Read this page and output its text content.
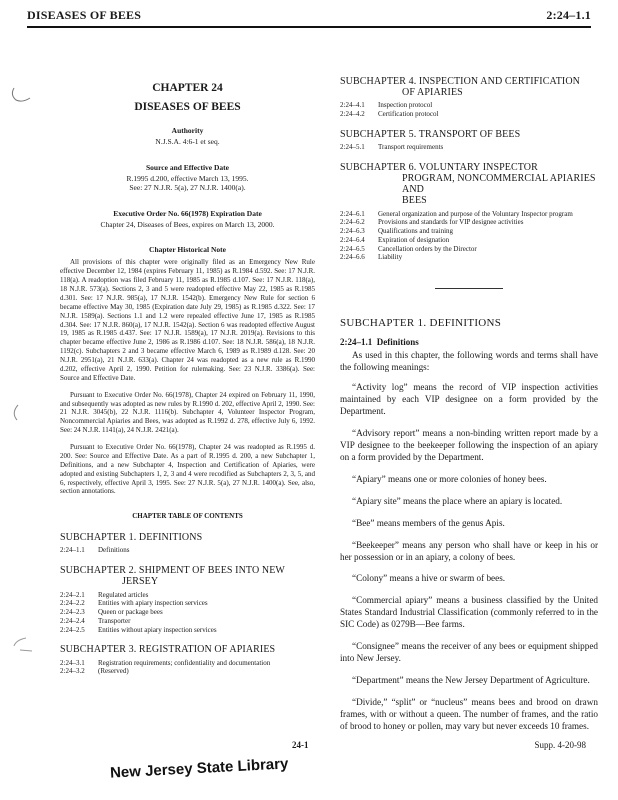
DISEASES OF BEES	2:24–1.1

CHAPTER 24

DISEASES OF BEES

Authority

N.J.S.A. 4:6-1 et seq.

Source and Effective Date

R.1995 d.200, effective March 13, 1995.

See: 27 N.J.R. 5(a), 27 N.J.R. 1400(a).

Executive Order No. 66(1978) Expiration Date

Chapter 24, Diseases of Bees, expires on March 13, 2000.

Chapter Historical Note

All provisions of this chapter were originally filed as an Emergency New Rule effective December 12, 1984 (expires February 11, 1985) as R.1984 d.592. See: 17 N.J.R. 118(a). A readoption was filed February 11, 1985 as R.1985 d.107. See: 17 N.J.R. 118(a), 18 N.J.R. 573(a). Sections 2, 3 and 5 were readopted effective May 22, 1985 as R.1985 d.301. See: 17 N.J.R. 985(a), 17 N.J.R. 1542(b). Emergency New Rule for section 6 became effective May 30, 1985 (Expiration date July 29, 1985) as R.1985 d.322. See: 17 N.J.R. 1589(a). Sections 1.1 and 1.2 were repealed effective June 17, 1985 as R.1985 d.304. See: 17 N.J.R. 860(a), 17 N.J.R. 1542(a). Section 6 was readopted effective August 19, 1985 as R.1985 d.437. See: 17 N.J.R. 1589(a), 17 N.J.R. 2019(a). Revisions to this chapter became effective June 2, 1986 as R.1986 d.107. See: 18 N.J.R. 586(a), 18 N.J.R. 1192(c). Subchapters 2 and 3 became effective March 6, 1989 as R.1989 d.128. See: 20 N.J.R. 2951(a), 21 N.J.R. 633(a). Chapter 24 was readopted as a new rule as R.1990 d.202, effective April 2, 1990. Petition for rulemaking. See: 23 N.J.R. 3386(a). See: Source and Effective Date.

Pursuant to Executive Order No. 66(1978), Chapter 24 expired on February 11, 1990, and subsequently was adopted as new rules by R.1990 d. 202, effective April 2, 1990. See: 21 N.J.R. 3045(b), 22 N.J.R. 1116(b). Subchapter 4, Volunteer Inspector Program, Noncommercial Apiaries and Bees, was adopted as R.1992 d. 278, effective July 6, 1992. See: 24 N.J.R. 1141(a), 24 N.J.R. 2421(a).

Pursuant to Executive Order No. 66(1978), Chapter 24 was readopted as R.1995 d. 200. See: Source and Effective Date. As a part of R.1995 d. 200, a new Subchapter 1, Definitions, and a new Subchapter 4, Inspection and Certification of Apiaries, were adopted and existing Subchapters 1, 2, 3 and 4 were recodified as Subchapters 2, 3, 5, and 6, respectively, effective April 3, 1995. See: 27 N.J.R. 5(a), 27 N.J.R. 1400(a). See, also, section annotations.

CHAPTER TABLE OF CONTENTS

SUBCHAPTER 1. DEFINITIONS

2:24–1.1	Definitions

SUBCHAPTER 2. SHIPMENT OF BEES INTO NEW
JERSEY

2:24–2.1	Regulated articles
2:24–2.2	Entities with apiary inspection services
2:24–2.3	Queen or package bees
2:24–2.4	Transporter
2:24–2.5	Entities without apiary inspection services

SUBCHAPTER 3. REGISTRATION OF APIARIES

2:24–3.1	Registration requirements; confidentiality and documentation
2:24–3.2	(Reserved)

SUBCHAPTER 4. INSPECTION AND CERTIFICATION
OF APIARIES

2:24–4.1	Inspection protocol
2:24–4.2	Certification protocol

SUBCHAPTER 5. TRANSPORT OF BEES

2:24–5.1	Transport requirements

SUBCHAPTER 6. VOLUNTARY INSPECTOR
PROGRAM, NONCOMMERCIAL APIARIES AND
BEES

2:24–6.1	General organization and purpose of the Voluntary Inspector program
2:24–6.2	Provisions and standards for VIP designee activities
2:24–6.3	Qualifications and training
2:24–6.4	Expiration of designation
2:24–6.5	Cancellation orders by the Director
2:24–6.6	Liability

SUBCHAPTER 1. DEFINITIONS

2:24–1.1 Definitions

As used in this chapter, the following words and terms shall have the following meanings:

“Activity log” means the record of VIP inspection activities maintained by each VIP designee on a form provided by the Department.

“Advisory report” means a non-binding written report made by a VIP designee to the beekeeper following the inspection of an apiary on a form provided by the Department.

“Apiary” means one or more colonies of honey bees.

“Apiary site” means the place where an apiary is located.

“Bee” means members of the genus Apis.

“Beekeeper” means any person who shall have or keep in his or her possession or in an apiary, a colony of bees.

“Colony” means a hive or swarm of bees.

“Commercial apiary” means a business classified by the United States Standard Industrial Classification (commonly referred to in the SIC Code) as 0279B—Bee farms.

“Consignee” means the receiver of any bees or equipment shipped into New Jersey.

“Department” means the New Jersey Department of Agriculture.

“Divide,” “split” or “nucleus” means bees and brood on drawn frames, with or without a queen. The number of frames, and the ratio of brood to honey or pollen, may vary but never exceeds 10 frames.

24-1	Supp. 4-20-98
New Jersey State Library
